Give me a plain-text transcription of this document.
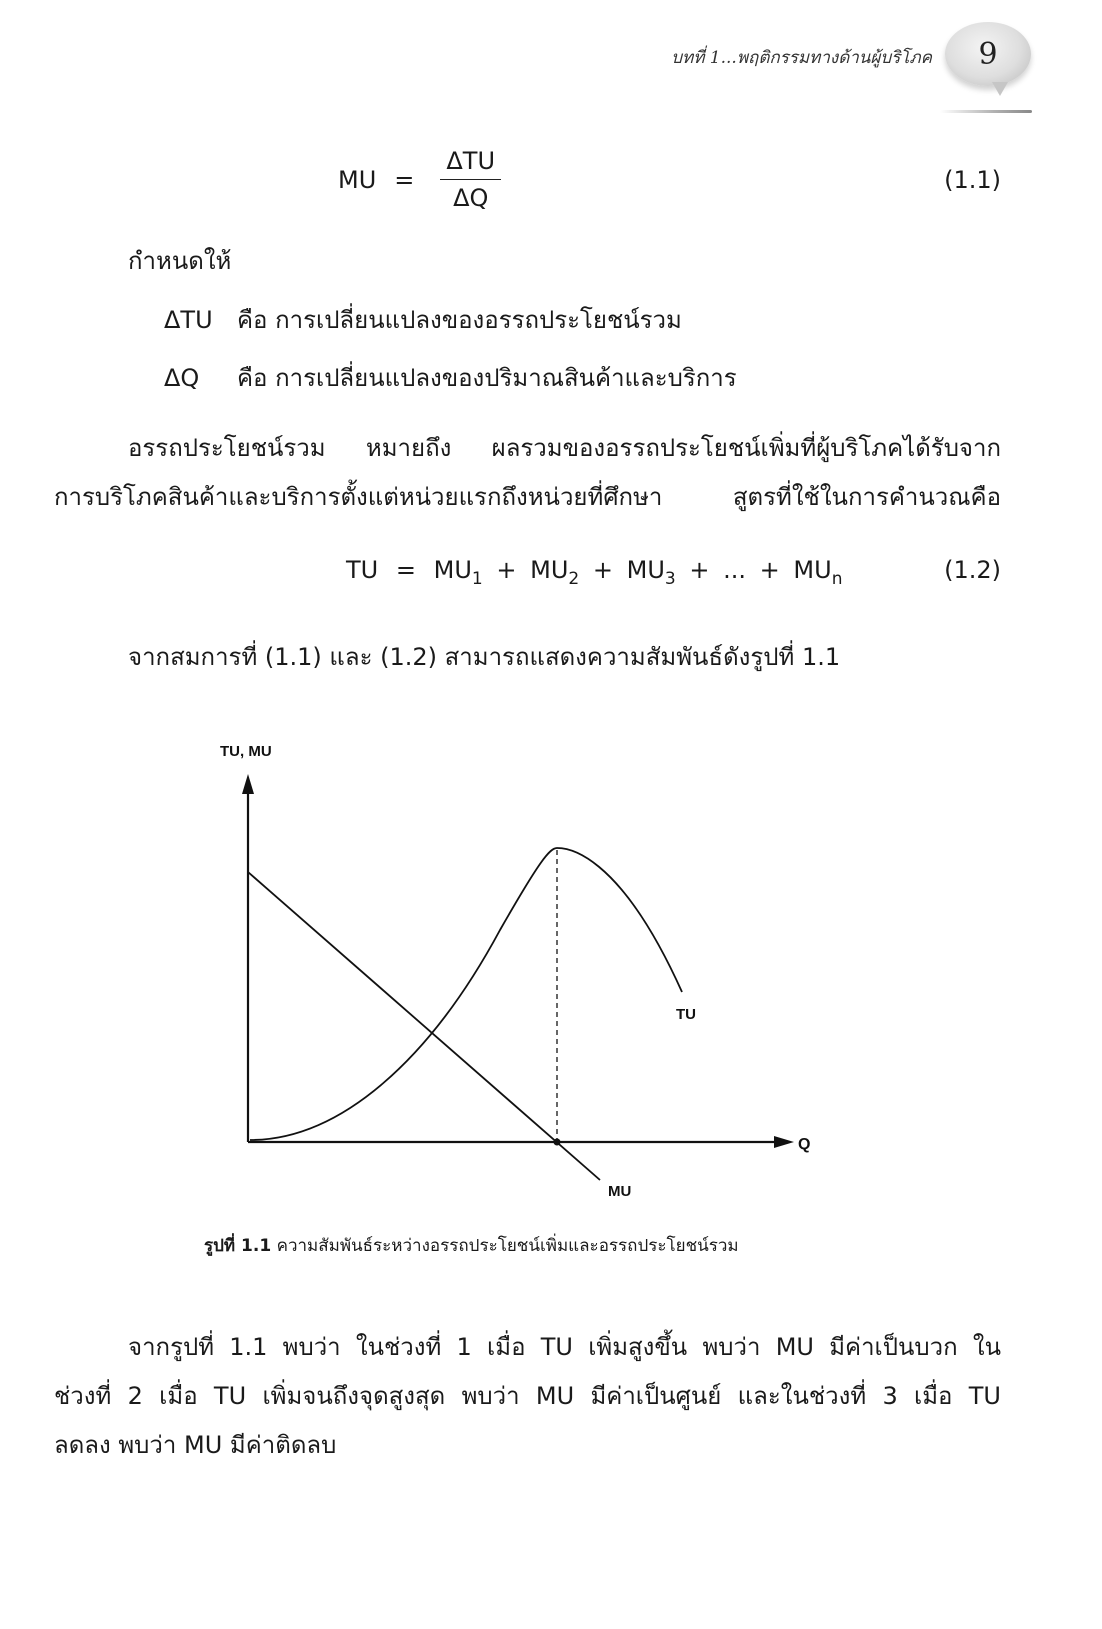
บทที่ 1...พฤติกรรมทางด้านผู้บริโภค 9
MU = $\frac{\text{ΔTU}}{\Delta Q}$	(1.1)
กำหนดให้
ΔTU คือ การเปลี่ยนแปลงของอรรถประโยชน์รวม
ΔQ คือ การเปลี่ยนแปลงของปริมาณสินค้าและบริการ
อรรถประโยชน์รวม หมายถึง ผลรวมของอรรถประโยชน์เพิ่มที่ผู้บริโภคได้รับจาก
การบริโภคสินค้าและบริการตั้งแต่หน่วยแรกถึงหน่วยที่ศึกษา สูตรที่ใช้ในการคำนวณคือ
TU = $MU_1 + MU_2 + MU_3$ + ... + $MU_n$	(1.2)
จากสมการที่ (1.1) และ (1.2) สามารถแสดงความสัมพันธ์ดังรูปที่ 1.1
TU, MU
Q
TU
MU
รูปที่ 1.1 ความสัมพันธ์ระหว่างอรรถประโยชน์เพิ่มและอรรถประโยชน์รวม
จากรูปที่ 1.1 พบว่า ในช่วงที่ 1 เมื่อ TU เพิ่มสูงขึ้น พบว่า MU มีค่าเป็นบวก ใน
ช่วงที่ 2 เมื่อ TU เพิ่มจนถึงจุดสูงสุด พบว่า MU มีค่าเป็นศูนย์ และในช่วงที่ 3 เมื่อ TU
ลดลง พบว่า MU มีค่าติดลบ
